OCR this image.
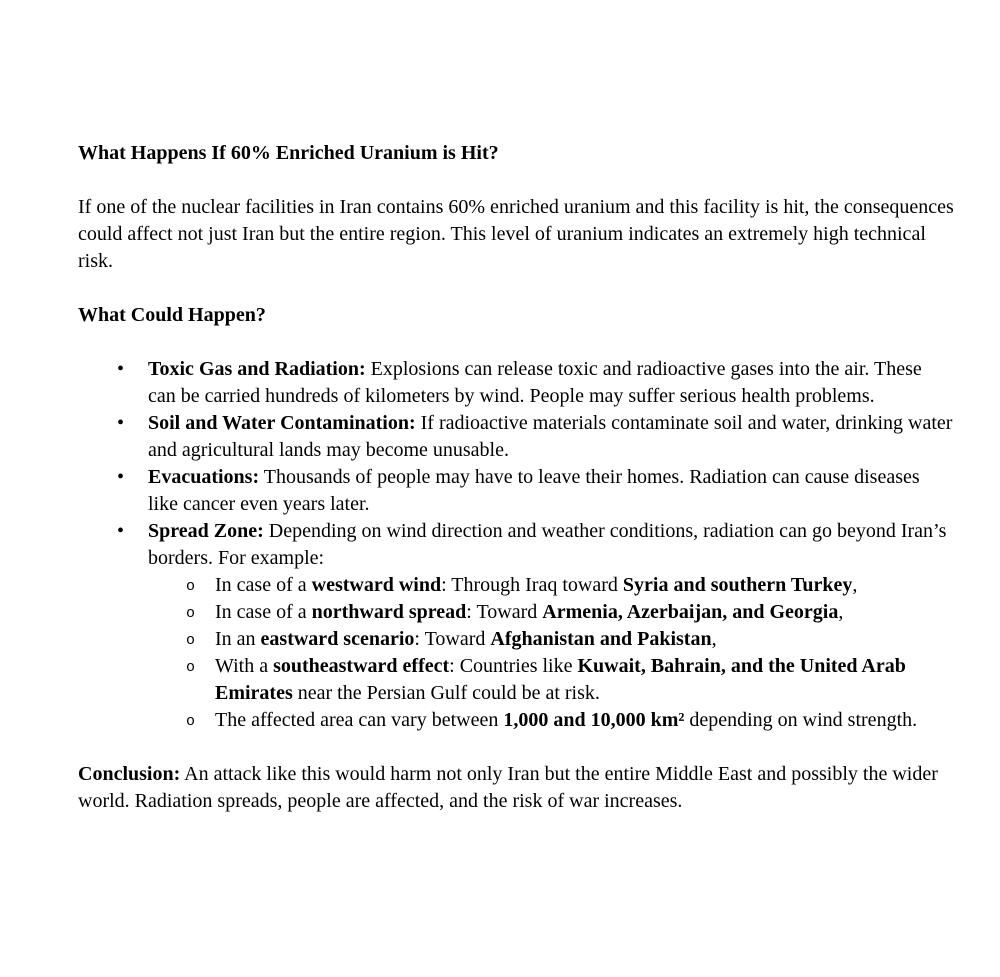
What Happens If 60% Enriched Uranium is Hit?

If one of the nuclear facilities in Iran contains 60% enriched uranium and this facility is hit, the consequences could affect not just Iran but the entire region. This level of uranium indicates an extremely high technical risk.

What Could Happen?
• Toxic Gas and Radiation: Explosions can release toxic and radioactive gases into the air. These can be carried hundreds of kilometers by wind. People may suffer serious health problems.
• Soil and Water Contamination: If radioactive materials contaminate soil and water, drinking water and agricultural lands may become unusable.
• Evacuations: Thousands of people may have to leave their homes. Radiation can cause diseases like cancer even years later.
• Spread Zone: Depending on wind direction and weather conditions, radiation can go beyond Iran’s borders. For example:
o In case of a westward wind: Through Iraq toward Syria and southern Turkey,
o In case of a northward spread: Toward Armenia, Azerbaijan, and Georgia,
o In an eastward scenario: Toward Afghanistan and Pakistan,
o With a southeastward effect: Countries like Kuwait, Bahrain, and the United Arab Emirates near the Persian Gulf could be at risk.
o The affected area can vary between 1,000 and 10,000 km² depending on wind strength.

Conclusion: An attack like this would harm not only Iran but the entire Middle East and possibly the wider world. Radiation spreads, people are affected, and the risk of war increases.
